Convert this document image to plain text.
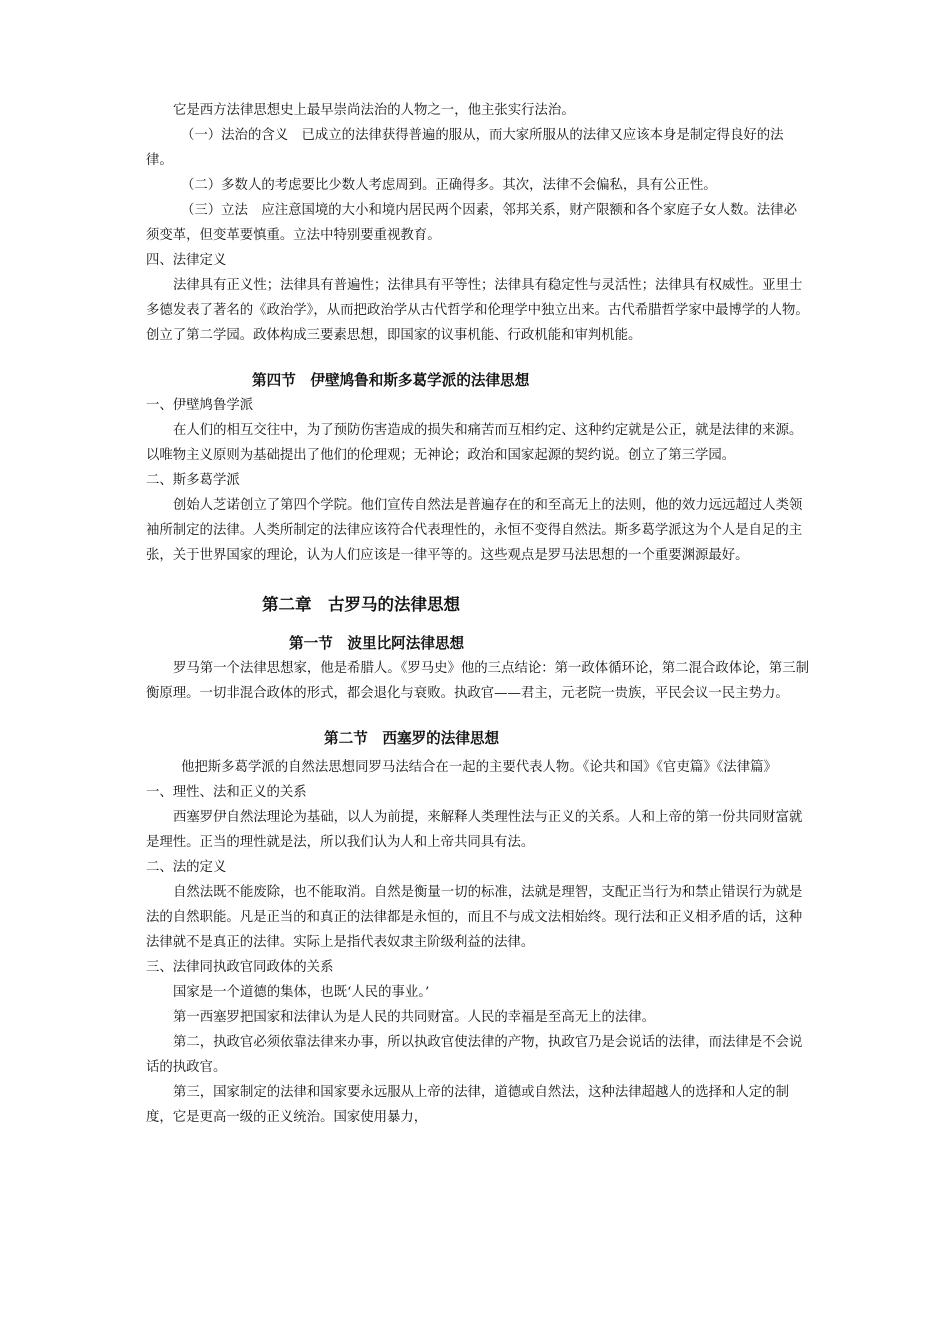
它是西方法律思想史上最早崇尚法治的人物之一，他主张实行法治。

（一）法治的含义　已成立的法律获得普遍的服从，而大家所服从的法律又应该本身是制定得良好的法律。

（二）多数人的考虑要比少数人考虑周到。正确得多。其次，法律不会偏私，具有公正性。

（三）立法　应注意国境的大小和境内居民两个因素，邻邦关系，财产限额和各个家庭子女人数。法律必须变革，但变革要慎重。立法中特别要重视教育。

四、法律定义

法律具有正义性；法律具有普遍性；法律具有平等性；法律具有稳定性与灵活性；法律具有权威性。亚里士多德发表了著名的《政治学》，从而把政治学从古代哲学和伦理学中独立出来。古代希腊哲学家中最博学的人物。创立了第二学园。政体构成三要素思想，即国家的议事机能、行政机能和审判机能。

第四节　伊壁鸠鲁和斯多葛学派的法律思想

一、伊壁鸠鲁学派

在人们的相互交往中，为了预防伤害造成的损失和痛苦而互相约定、这种约定就是公正，就是法律的来源。以唯物主义原则为基础提出了他们的伦理观；无神论；政治和国家起源的契约说。创立了第三学园。

二、斯多葛学派

创始人芝诺创立了第四个学院。他们宣传自然法是普遍存在的和至高无上的法则，他的效力远远超过人类领袖所制定的法律。人类所制定的法律应该符合代表理性的，永恒不变得自然法。斯多葛学派这为个人是自足的主张，关于世界国家的理论，认为人们应该是一律平等的。这些观点是罗马法思想的一个重要渊源最好。

第二章　古罗马的法律思想
第一节　波里比阿法律思想

罗马第一个法律思想家，他是希腊人。《罗马史》他的三点结论：第一政体循环论，第二混合政体论，第三制衡原理。一切非混合政体的形式，都会退化与衰败。执政官——君主，元老院一贵族，平民会议一民主势力。

第二节　西塞罗的法律思想

他把斯多葛学派的自然法思想同罗马法结合在一起的主要代表人物。《论共和国》《官吏篇》《法律篇》

一、理性、法和正义的关系

西塞罗伊自然法理论为基础，以人为前提，来解释人类理性法与正义的关系。人和上帝的第一份共同财富就是理性。正当的理性就是法，所以我们认为人和上帝共同具有法。

二、法的定义

自然法既不能废除，也不能取消。自然是衡量一切的标准，法就是理智，支配正当行为和禁止错误行为就是法的自然职能。凡是正当的和真正的法律都是永恒的，而且不与成文法相始终。现行法和正义相矛盾的话，这种法律就不是真正的法律。实际上是指代表奴隶主阶级利益的法律。

三、法律同执政官同政体的关系

国家是一个道德的集体，也既‘人民的事业。’

第一西塞罗把国家和法律认为是人民的共同财富。人民的幸福是至高无上的法律。

第二，执政官必须依靠法律来办事，所以执政官使法律的产物，执政官乃是会说话的法律，而法律是不会说话的执政官。

第三，国家制定的法律和国家要永远服从上帝的法律，道德或自然法，这种法律超越人的选择和人定的制度，它是更高一级的正义统治。国家使用暴力，
